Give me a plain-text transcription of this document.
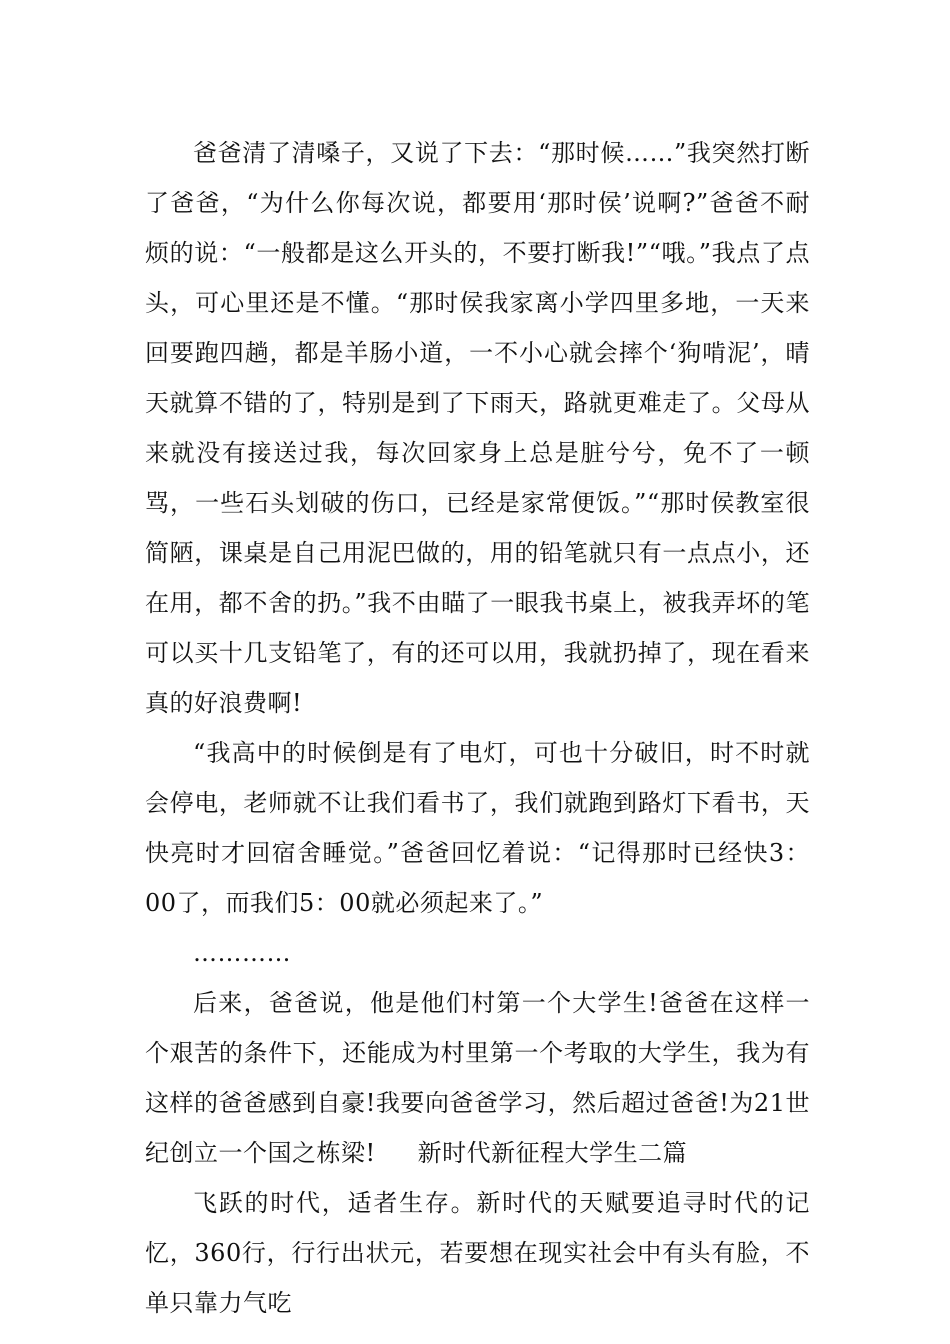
爸爸清了清嗓子，又说了下去：“那时候……”我突然打断了爸爸，“为什么你每次说，都要用‘那时侯’说啊?”爸爸不耐烦的说：“一般都是这么开头的，不要打断我!”“哦。”我点了点头，可心里还是不懂。“那时侯我家离小学四里多地，一天来回要跑四趟，都是羊肠小道，一不小心就会摔个‘狗啃泥’，晴天就算不错的了，特别是到了下雨天，路就更难走了。父母从来就没有接送过我，每次回家身上总是脏兮兮，免不了一顿骂，一些石头划破的伤口，已经是家常便饭。”“那时侯教室很简陋，课桌是自己用泥巴做的，用的铅笔就只有一点点小，还在用，都不舍的扔。”我不由瞄了一眼我书桌上，被我弄坏的笔可以买十几支铅笔了，有的还可以用，我就扔掉了，现在看来真的好浪费啊!

“我高中的时候倒是有了电灯，可也十分破旧，时不时就会停电，老师就不让我们看书了，我们就跑到路灯下看书，天快亮时才回宿舍睡觉。”爸爸回忆着说：“记得那时已经快3：00了，而我们5：00就必须起来了。”

…………

后来，爸爸说，他是他们村第一个大学生!爸爸在这样一个艰苦的条件下，还能成为村里第一个考取的大学生，我为有这样的爸爸感到自豪!我要向爸爸学习，然后超过爸爸!为21世纪创立一个国之栋梁! 新时代新征程大学生二篇

飞跃的时代，适者生存。新时代的天赋要追寻时代的记忆，360行，行行出状元，若要想在现实社会中有头有脸，不单只靠力气吃
